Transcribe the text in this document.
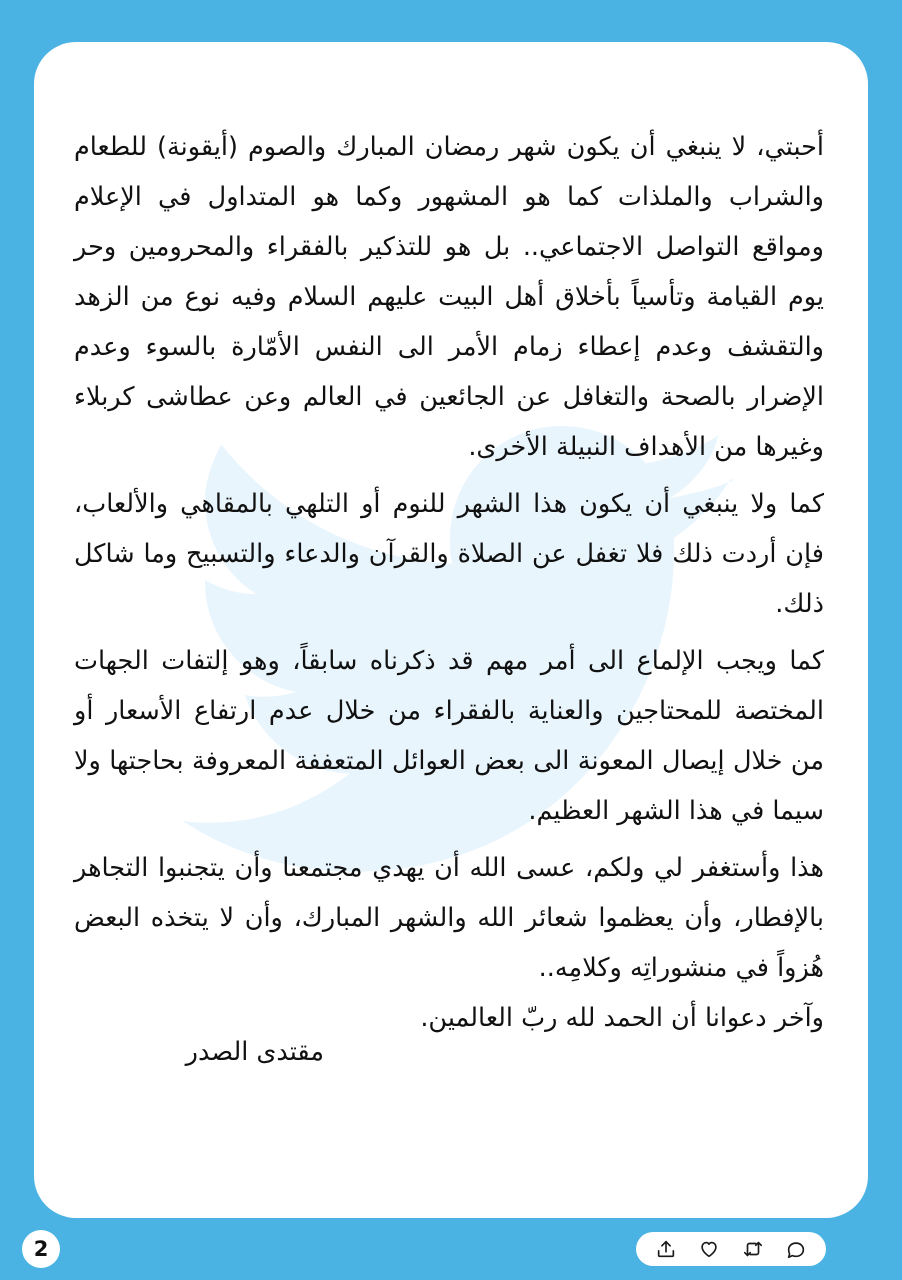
أحبتي، لا ينبغي أن يكون شهر رمضان المبارك والصوم (أيقونة) للطعام والشراب والملذات كما هو المشهور وكما هو المتداول في الإعلام ومواقع التواصل الاجتماعي.. بل هو للتذكير بالفقراء والمحرومين وحر يوم القيامة وتأسياً بأخلاق أهل البيت عليهم السلام وفيه نوع من الزهد والتقشف وعدم إعطاء زمام الأمر الى النفس الأمّارة بالسوء وعدم الإضرار بالصحة والتغافل عن الجائعين في العالم وعن عطاشى كربلاء وغيرها من الأهداف النبيلة الأخرى.

كما ولا ينبغي أن يكون هذا الشهر للنوم أو التلهي بالمقاهي والألعاب، فإن أردت ذلك فلا تغفل عن الصلاة والقرآن والدعاء والتسبيح وما شاكل ذلك.

كما ويجب الإلماع الى أمر مهم قد ذكرناه سابقاً، وهو إلتفات الجهات المختصة للمحتاجين والعناية بالفقراء من خلال عدم ارتفاع الأسعار أو من خلال إيصال المعونة الى بعض العوائل المتعففة المعروفة بحاجتها ولا سيما في هذا الشهر العظيم.

هذا وأستغفر لي ولكم، عسى الله أن يهدي مجتمعنا وأن يتجنبوا التجاهر بالإفطار، وأن يعظموا شعائر الله والشهر المبارك، وأن لا يتخذه البعض هُزواً في منشوراتِه وكلامِه..

وآخر دعوانا أن الحمد لله ربّ العالمين.

مقتدى الصدر
2
